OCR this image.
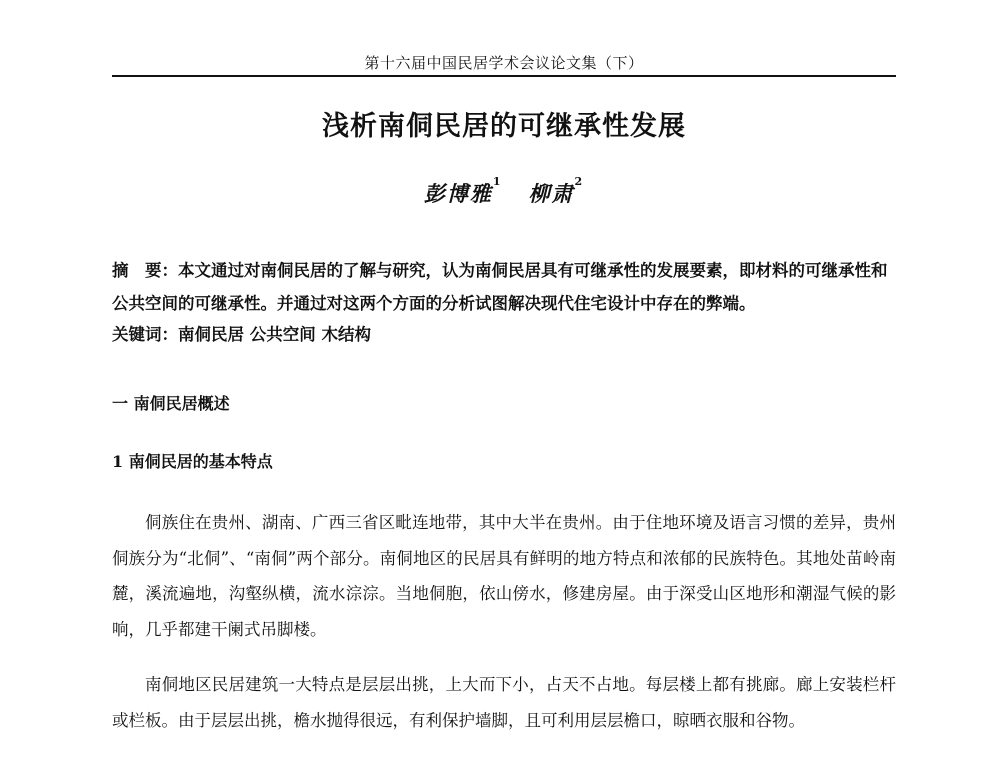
第十六届中国民居学术会议论文集（下）
浅析南侗民居的可继承性发展
彭博雅$^1$ 柳肃$^2$

摘　要：本文通过对南侗民居的了解与研究，认为南侗民居具有可继承性的发展要素，即材料的可继承性和公共空间的可继承性。并通过对这两个方面的分析试图解决现代住宅设计中存在的弊端。

关键词：南侗民居 公共空间 木结构
一 南侗民居概述
1 南侗民居的基本特点

侗族住在贵州、湖南、广西三省区毗连地带，其中大半在贵州。由于住地环境及语言习惯的差异，贵州侗族分为“北侗”、“南侗”两个部分。南侗地区的民居具有鲜明的地方特点和浓郁的民族特色。其地处苗岭南麓，溪流遍地，沟壑纵横，流水淙淙。当地侗胞，依山傍水，修建房屋。由于深受山区地形和潮湿气候的影响，几乎都建干阑式吊脚楼。

南侗地区民居建筑一大特点是层层出挑，上大而下小，占天不占地。每层楼上都有挑廊。廊上安装栏杆或栏板。由于层层出挑，檐水抛得很远，有利保护墙脚，且可利用层层檐口，晾晒衣服和谷物。
